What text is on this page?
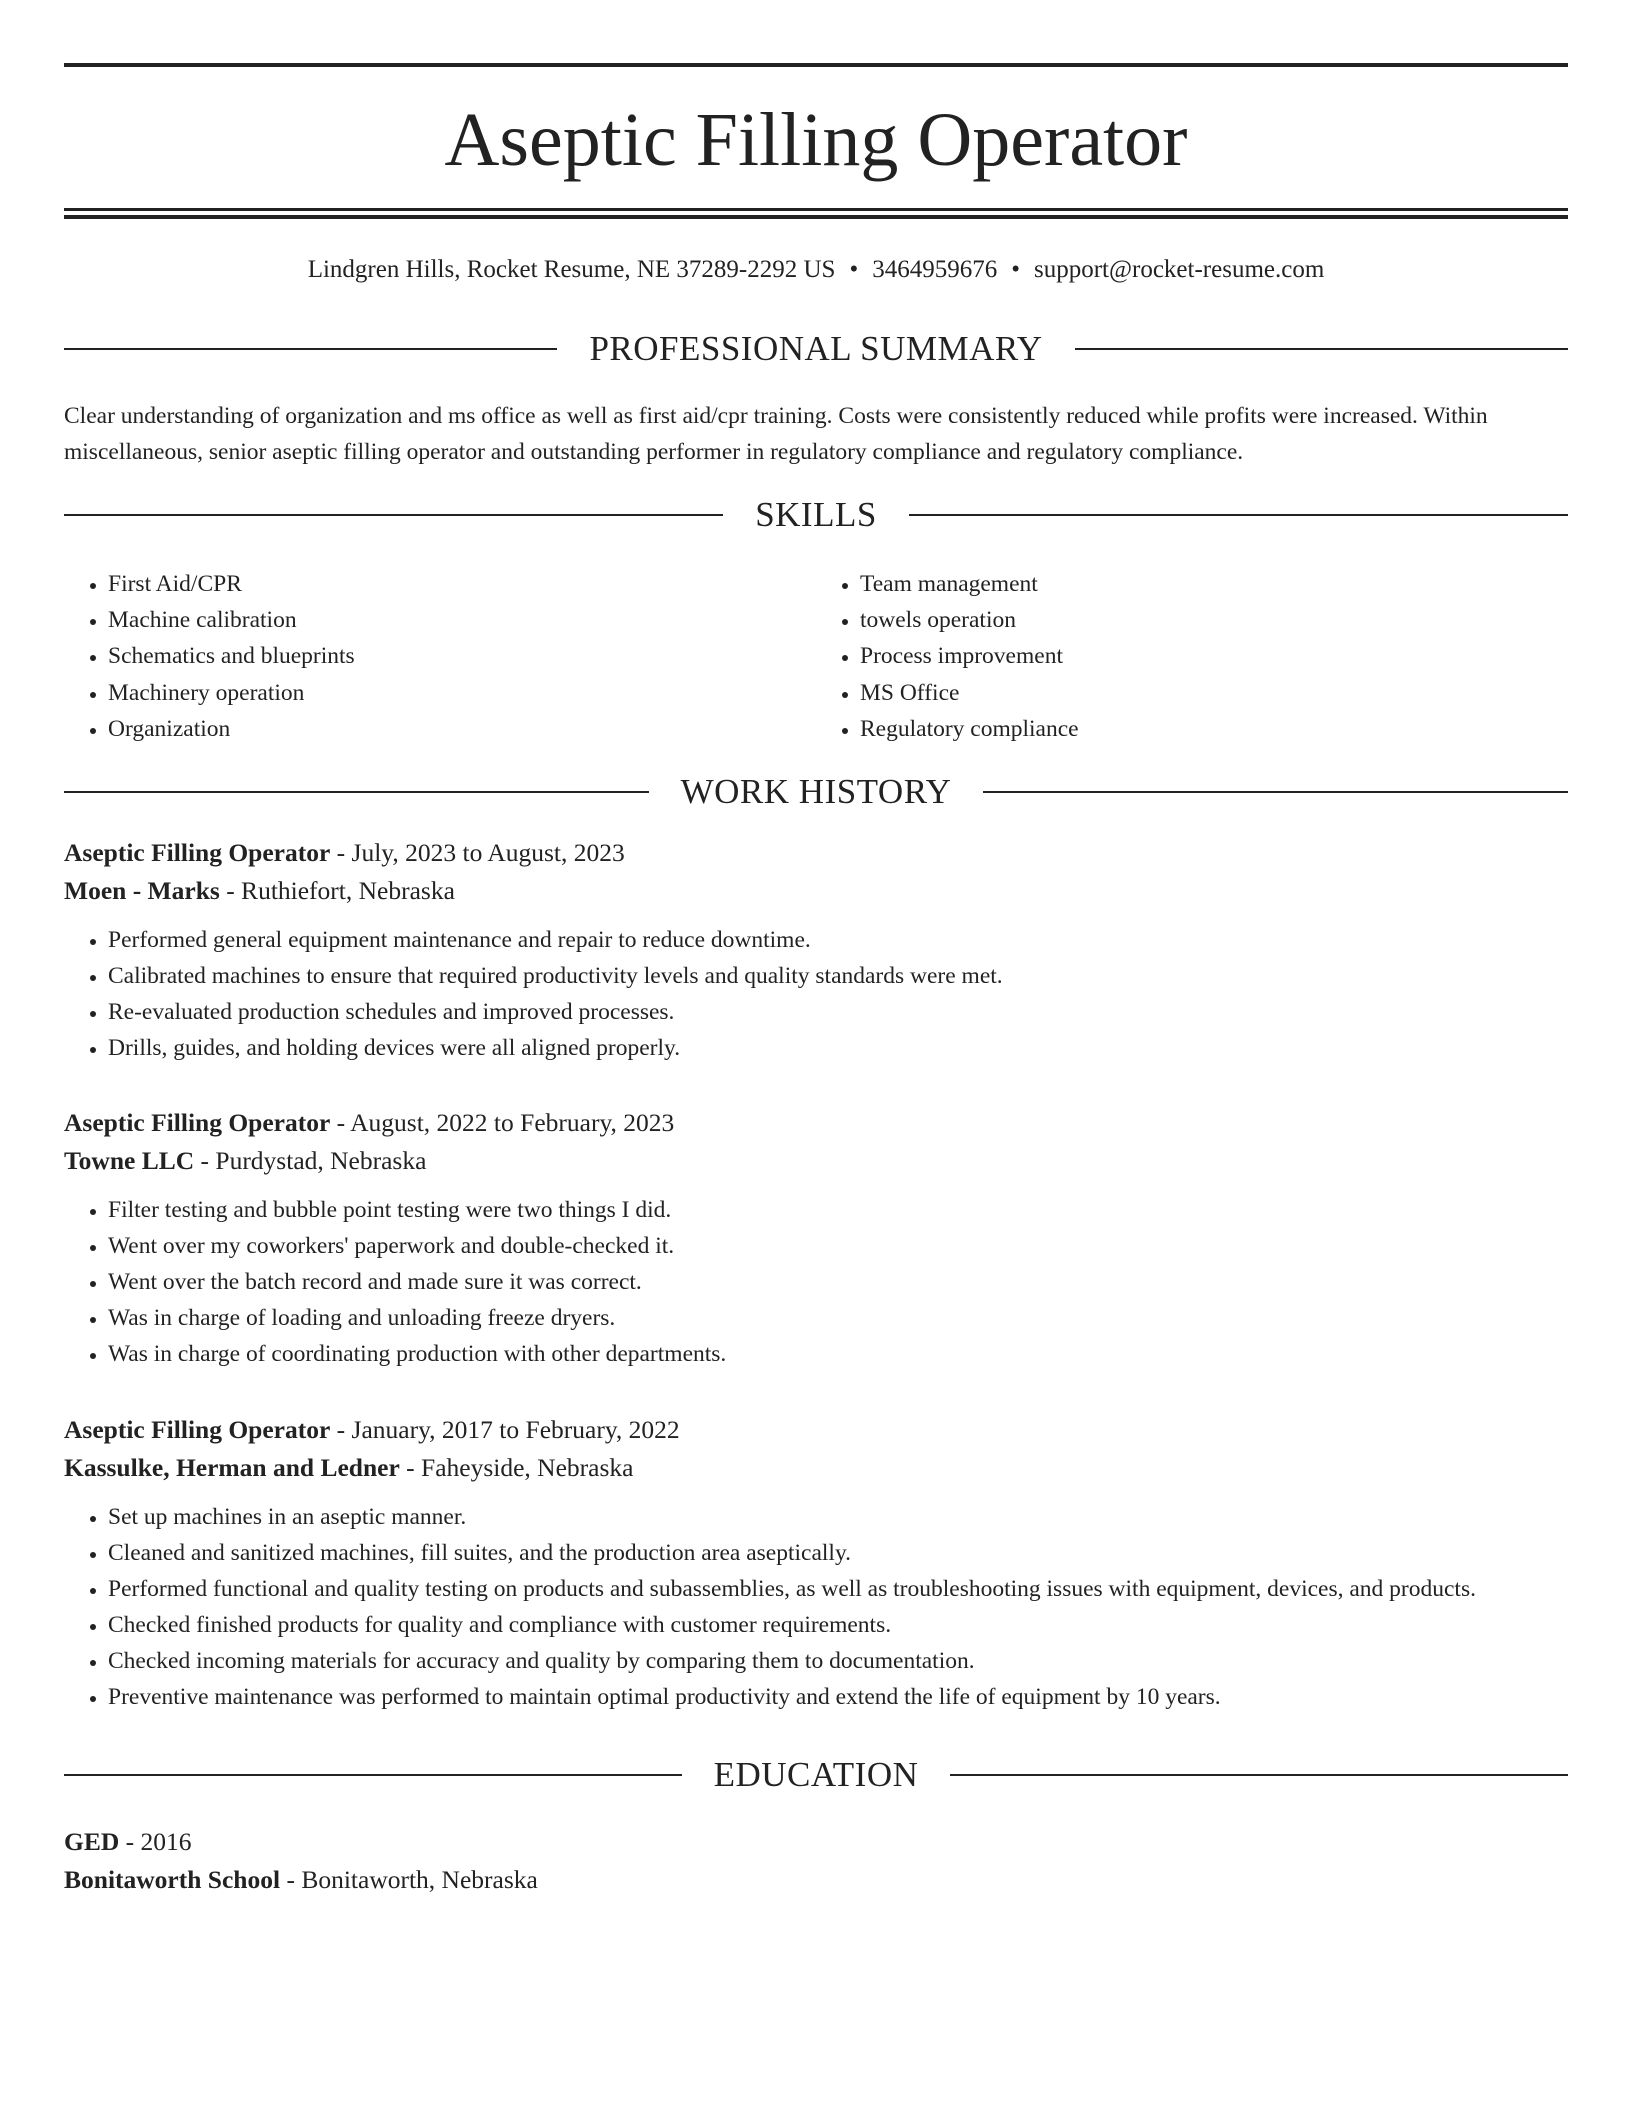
Aseptic Filling Operator
Lindgren Hills, Rocket Resume, NE 37289-2292 US • 3464959676 • support@rocket-resume.com
PROFESSIONAL SUMMARY

Clear understanding of organization and ms office as well as first aid/cpr training. Costs were consistently reduced while profits were increased. Within miscellaneous, senior aseptic filling operator and outstanding performer in regulatory compliance and regulatory compliance.

SKILLS
• First Aid/CPR
• Machine calibration
• Schematics and blueprints
• Machinery operation
• Organization
• Team management
• towels operation
• Process improvement
• MS Office
• Regulatory compliance
WORK HISTORY
Aseptic Filling Operator - July, 2023 to August, 2023
Moen - Marks - Ruthiefort, Nebraska
• Performed general equipment maintenance and repair to reduce downtime.
• Calibrated machines to ensure that required productivity levels and quality standards were met.
• Re-evaluated production schedules and improved processes.
• Drills, guides, and holding devices were all aligned properly.
Aseptic Filling Operator - August, 2022 to February, 2023
Towne LLC - Purdystad, Nebraska
• Filter testing and bubble point testing were two things I did.
• Went over my coworkers' paperwork and double-checked it.
• Went over the batch record and made sure it was correct.
• Was in charge of loading and unloading freeze dryers.
• Was in charge of coordinating production with other departments.
Aseptic Filling Operator - January, 2017 to February, 2022
Kassulke, Herman and Ledner - Faheyside, Nebraska
• Set up machines in an aseptic manner.
• Cleaned and sanitized machines, fill suites, and the production area aseptically.
• Performed functional and quality testing on products and subassemblies, as well as troubleshooting issues with equipment, devices, and products.
• Checked finished products for quality and compliance with customer requirements.
• Checked incoming materials for accuracy and quality by comparing them to documentation.
• Preventive maintenance was performed to maintain optimal productivity and extend the life of equipment by 10 years.
EDUCATION
GED - 2016
Bonitaworth School - Bonitaworth, Nebraska
